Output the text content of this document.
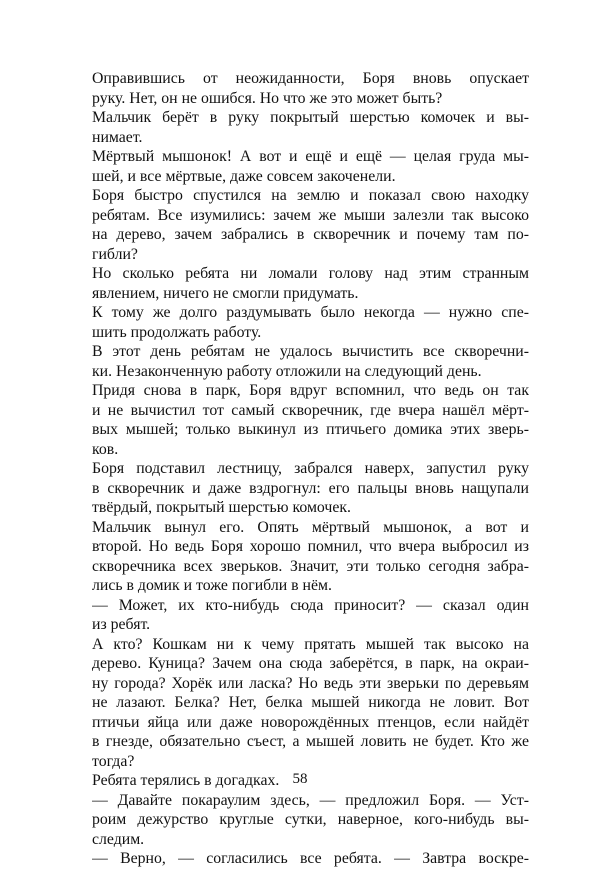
Оправившись от неожиданности, Боря вновь опускает
руку. Нет, он не ошибся. Но что же это может быть?
Мальчик берёт в руку покрытый шерстью комочек и вы-
нимает.
Мёртвый мышонок! А вот и ещё и ещё — целая груда мы-
шей, и все мёртвые, даже совсем закоченели.
Боря быстро спустился на землю и показал свою находку
ребятам. Все изумились: зачем же мыши залезли так высоко
на дерево, зачем забрались в скворечник и почему там по-
гибли?
Но сколько ребята ни ломали голову над этим странным
явлением, ничего не смогли придумать.
К тому же долго раздумывать было некогда — нужно спе-
шить продолжать работу.
В этот день ребятам не удалось вычистить все скворечни-
ки. Незаконченную работу отложили на следующий день.
Придя снова в парк, Боря вдруг вспомнил, что ведь он так
и не вычистил тот самый скворечник, где вчера нашёл мёрт-
вых мышей; только выкинул из птичьего домика этих зверь-
ков.
Боря подставил лестницу, забрался наверх, запустил руку
в скворечник и даже вздрогнул: его пальцы вновь нащупали
твёрдый, покрытый шерстью комочек.
Мальчик вынул его. Опять мёртвый мышонок, а вот и
второй. Но ведь Боря хорошо помнил, что вчера выбросил из
скворечника всех зверьков. Значит, эти только сегодня забра-
лись в домик и тоже погибли в нём.
— Может, их кто-нибудь сюда приносит? — сказал один
из ребят.
А кто? Кошкам ни к чему прятать мышей так высоко на
дерево. Куница? Зачем она сюда заберётся, в парк, на окраи-
ну города? Хорёк или ласка? Но ведь эти зверьки по деревьям
не лазают. Белка? Нет, белка мышей никогда не ловит. Вот
птичьи яйца или даже новорождённых птенцов, если найдёт
в гнезде, обязательно съест, а мышей ловить не будет. Кто же
тогда?
Ребята терялись в догадках.
— Давайте покараулим здесь, — предложил Боря. — Уст-
роим дежурство круглые сутки, наверное, кого-нибудь вы-
следим.
— Верно, — согласились все ребята. — Завтра воскре-
58
